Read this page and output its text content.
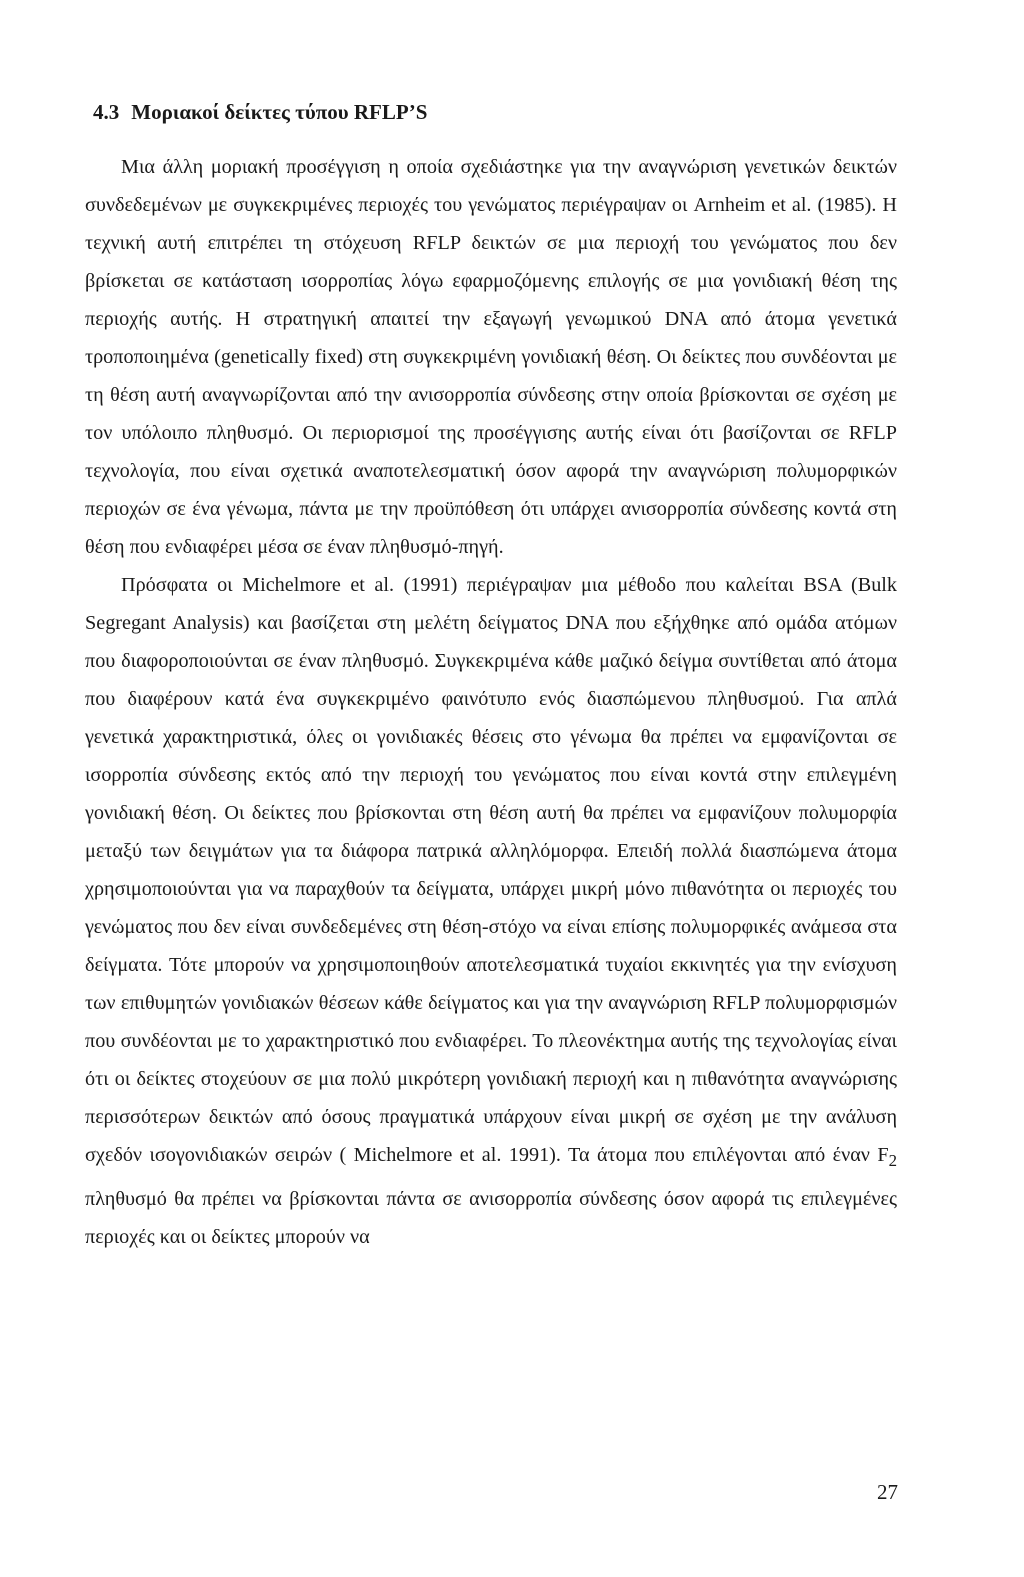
4.3 Μοριακοί δείκτες τύπου RFLP’S

Μια άλλη μοριακή προσέγγιση η οποία σχεδιάστηκε για την αναγνώριση γενετικών δεικτών συνδεδεμένων με συγκεκριμένες περιοχές του γενώματος περιέγραψαν οι Arnheim et al. (1985). Η τεχνική αυτή επιτρέπει τη στόχευση RFLP δεικτών σε μια περιοχή του γενώματος που δεν βρίσκεται σε κατάσταση ισορροπίας λόγω εφαρμοζόμενης επιλογής σε μια γονιδιακή θέση της περιοχής αυτής. Η στρατηγική απαιτεί την εξαγωγή γενωμικού DNA από άτομα γενετικά τροποποιημένα (genetically fixed) στη συγκεκριμένη γονιδιακή θέση. Οι δείκτες που συνδέονται με τη θέση αυτή αναγνωρίζονται από την ανισορροπία σύνδεσης στην οποία βρίσκονται σε σχέση με τον υπόλοιπο πληθυσμό. Οι περιορισμοί της προσέγγισης αυτής είναι ότι βασίζονται σε RFLP τεχνολογία, που είναι σχετικά αναποτελεσματική όσον αφορά την αναγνώριση πολυμορφικών περιοχών σε ένα γένωμα, πάντα με την προϋπόθεση ότι υπάρχει ανισορροπία σύνδεσης κοντά στη θέση που ενδιαφέρει μέσα σε έναν πληθυσμό-πηγή.

Πρόσφατα οι Michelmore et al. (1991) περιέγραψαν μια μέθοδο που καλείται BSA (Bulk Segregant Analysis) και βασίζεται στη μελέτη δείγματος DNA που εξήχθηκε από ομάδα ατόμων που διαφοροποιούνται σε έναν πληθυσμό. Συγκεκριμένα κάθε μαζικό δείγμα συντίθεται από άτομα που διαφέρουν κατά ένα συγκεκριμένο φαινότυπο ενός διασπώμενου πληθυσμού. Για απλά γενετικά χαρακτηριστικά, όλες οι γονιδιακές θέσεις στο γένωμα θα πρέπει να εμφανίζονται σε ισορροπία σύνδεσης εκτός από την περιοχή του γενώματος που είναι κοντά στην επιλεγμένη γονιδιακή θέση. Οι δείκτες που βρίσκονται στη θέση αυτή θα πρέπει να εμφανίζουν πολυμορφία μεταξύ των δειγμάτων για τα διάφορα πατρικά αλληλόμορφα. Επειδή πολλά διασπώμενα άτομα χρησιμοποιούνται για να παραχθούν τα δείγματα, υπάρχει μικρή μόνο πιθανότητα οι περιοχές του γενώματος που δεν είναι συνδεδεμένες στη θέση-στόχο να είναι επίσης πολυμορφικές ανάμεσα στα δείγματα. Τότε μπορούν να χρησιμοποιηθούν αποτελεσματικά τυχαίοι εκκινητές για την ενίσχυση των επιθυμητών γονιδιακών θέσεων κάθε δείγματος και για την αναγνώριση RFLP πολυμορφισμών που συνδέονται με το χαρακτηριστικό που ενδιαφέρει. Το πλεονέκτημα αυτής της τεχνολογίας είναι ότι οι δείκτες στοχεύουν σε μια πολύ μικρότερη γονιδιακή περιοχή και η πιθανότητα αναγνώρισης περισσότερων δεικτών από όσους πραγματικά υπάρχουν είναι μικρή σε σχέση με την ανάλυση σχεδόν ισογονιδιακών σειρών ( Michelmore et al. 1991). Τα άτομα που επιλέγονται από έναν $F_2$ πληθυσμό θα πρέπει να βρίσκονται πάντα σε ανισορροπία σύνδεσης όσον αφορά τις επιλεγμένες περιοχές και οι δείκτες μπορούν να

27
